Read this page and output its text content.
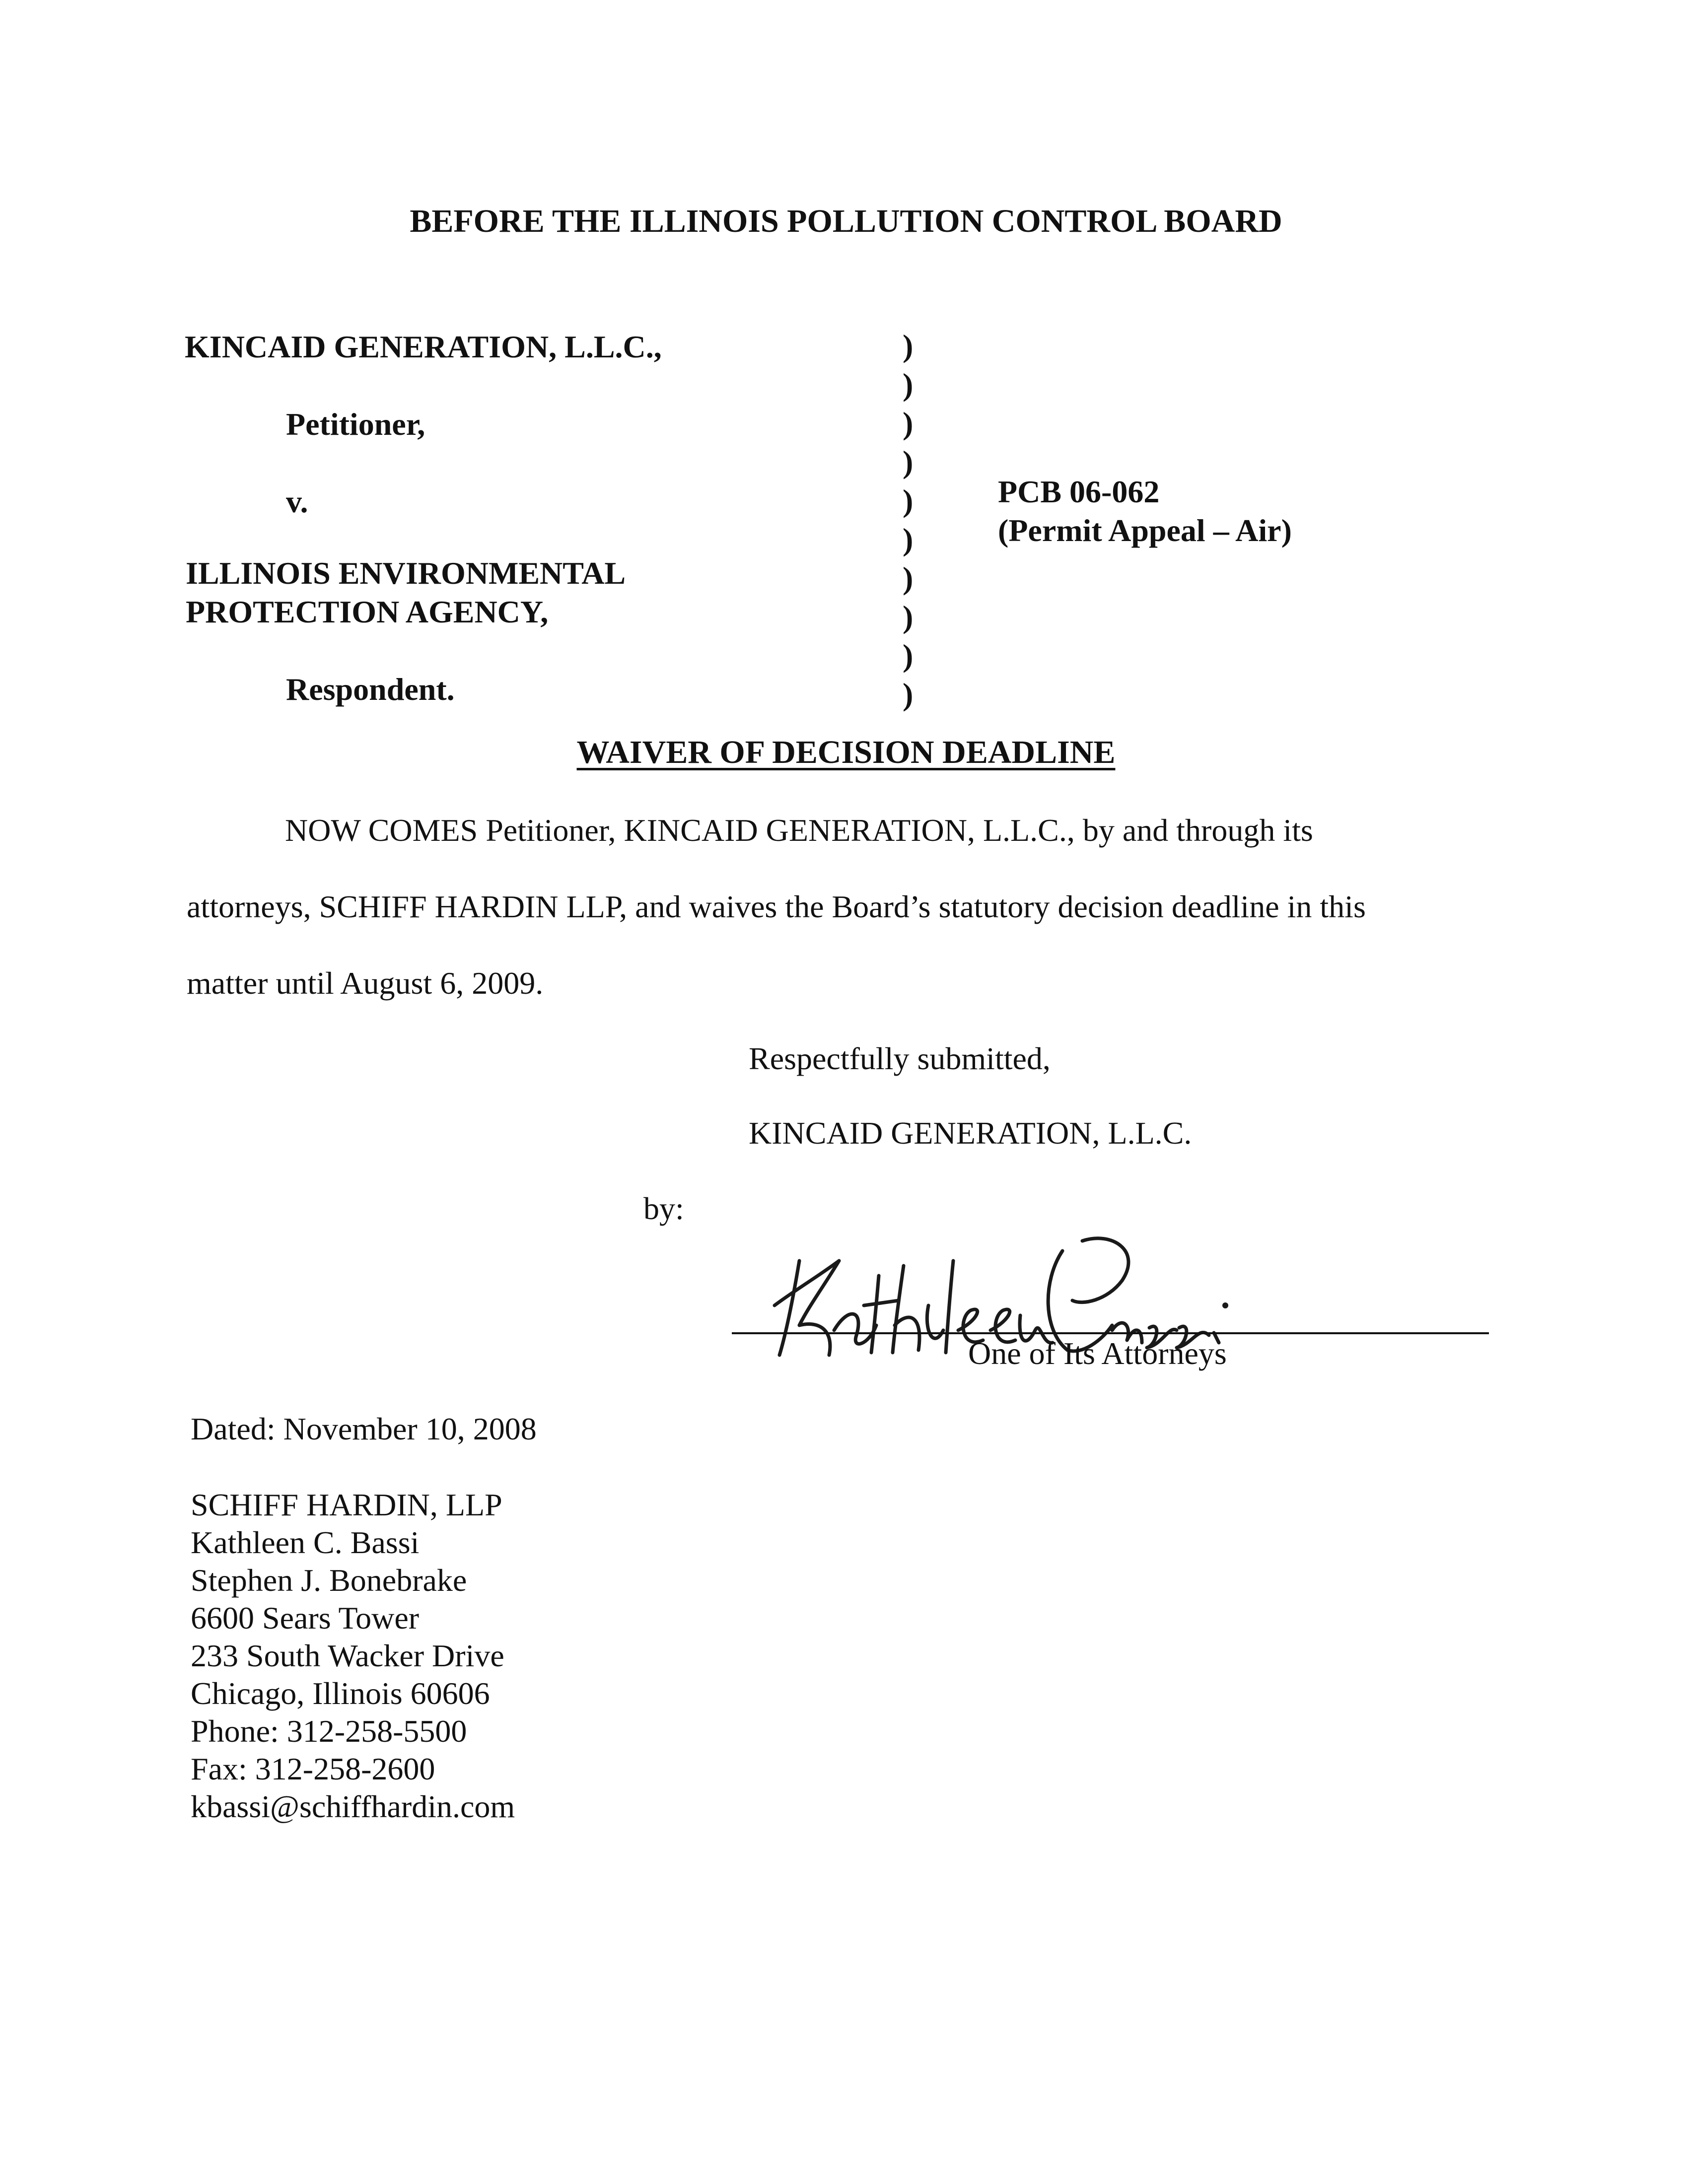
BEFORE THE ILLINOIS POLLUTION CONTROL BOARD
KINCAID GENERATION, L.L.C.,
Petitioner,
v.
ILLINOIS ENVIRONMENTAL
PROTECTION AGENCY,
Respondent.
)
)
)
)
)
)
)
)
)
)
PCB 06-062
(Permit Appeal – Air)
WAIVER OF DECISION DEADLINE
NOW COMES Petitioner, KINCAID GENERATION, L.L.C., by and through its
attorneys, SCHIFF HARDIN LLP, and waives the Board’s statutory decision deadline in this
matter until August 6, 2009.
Respectfully submitted,
KINCAID GENERATION, L.L.C.
by:
One of Its Attorneys
Dated: November 10, 2008
SCHIFF HARDIN, LLP
Kathleen C. Bassi
Stephen J. Bonebrake
6600 Sears Tower
233 South Wacker Drive
Chicago, Illinois 60606
Phone: 312-258-5500
Fax: 312-258-2600
kbassi@schiffhardin.com
